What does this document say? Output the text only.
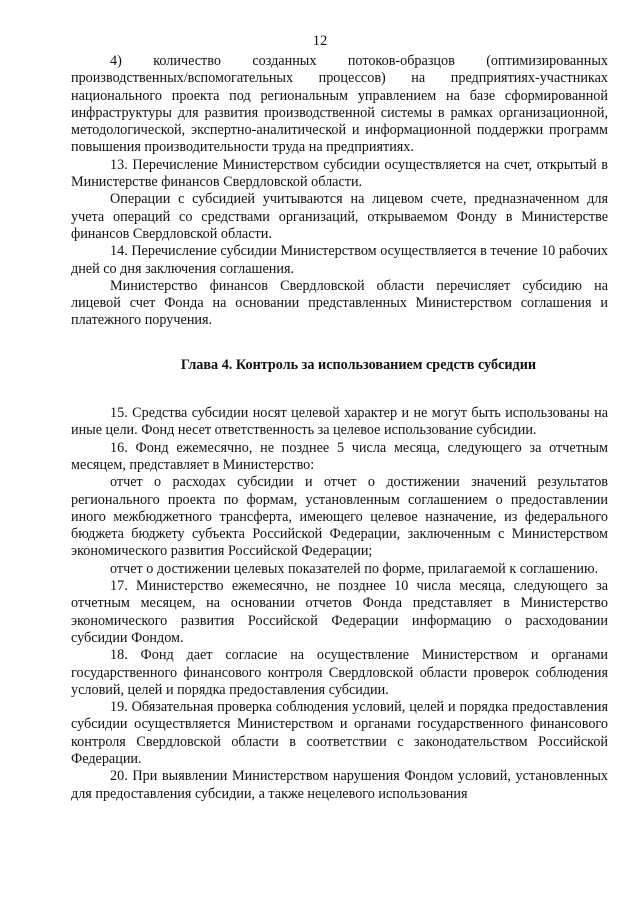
12

4) количество созданных потоков-образцов (оптимизированных производственных/вспомогательных процессов) на предприятиях-участниках национального проекта под региональным управлением на базе сформированной инфраструктуры для развития производственной системы в рамках организационной, методологической, экспертно-аналитической и информационной поддержки программ повышения производительности труда на предприятиях.

13. Перечисление Министерством субсидии осуществляется на счет, открытый в Министерстве финансов Свердловской области.

Операции с субсидией учитываются на лицевом счете, предназначенном для учета операций со средствами организаций, открываемом Фонду в Министерстве финансов Свердловской области.

14. Перечисление субсидии Министерством осуществляется в течение 10 рабочих дней со дня заключения соглашения.

Министерство финансов Свердловской области перечисляет субсидию на лицевой счет Фонда на основании представленных Министерством соглашения и платежного поручения.

Глава 4. Контроль за использованием средств субсидии

15. Средства субсидии носят целевой характер и не могут быть использованы на иные цели. Фонд несет ответственность за целевое использование субсидии.

16. Фонд ежемесячно, не позднее 5 числа месяца, следующего за отчетным месяцем, представляет в Министерство:

отчет о расходах субсидии и отчет о достижении значений результатов регионального проекта по формам, установленным соглашением о предоставлении иного межбюджетного трансферта, имеющего целевое назначение, из федерального бюджета бюджету субъекта Российской Федерации, заключенным с Министерством экономического развития Российской Федерации;

отчет о достижении целевых показателей по форме, прилагаемой к соглашению.

17. Министерство ежемесячно, не позднее 10 числа месяца, следующего за отчетным месяцем, на основании отчетов Фонда представляет в Министерство экономического развития Российской Федерации информацию о расходовании субсидии Фондом.

18. Фонд дает согласие на осуществление Министерством и органами государственного финансового контроля Свердловской области проверок соблюдения условий, целей и порядка предоставления субсидии.

19. Обязательная проверка соблюдения условий, целей и порядка предоставления субсидии осуществляется Министерством и органами государственного финансового контроля Свердловской области в соответствии с законодательством Российской Федерации.

20. При выявлении Министерством нарушения Фондом условий, установленных для предоставления субсидии, а также нецелевого использования
